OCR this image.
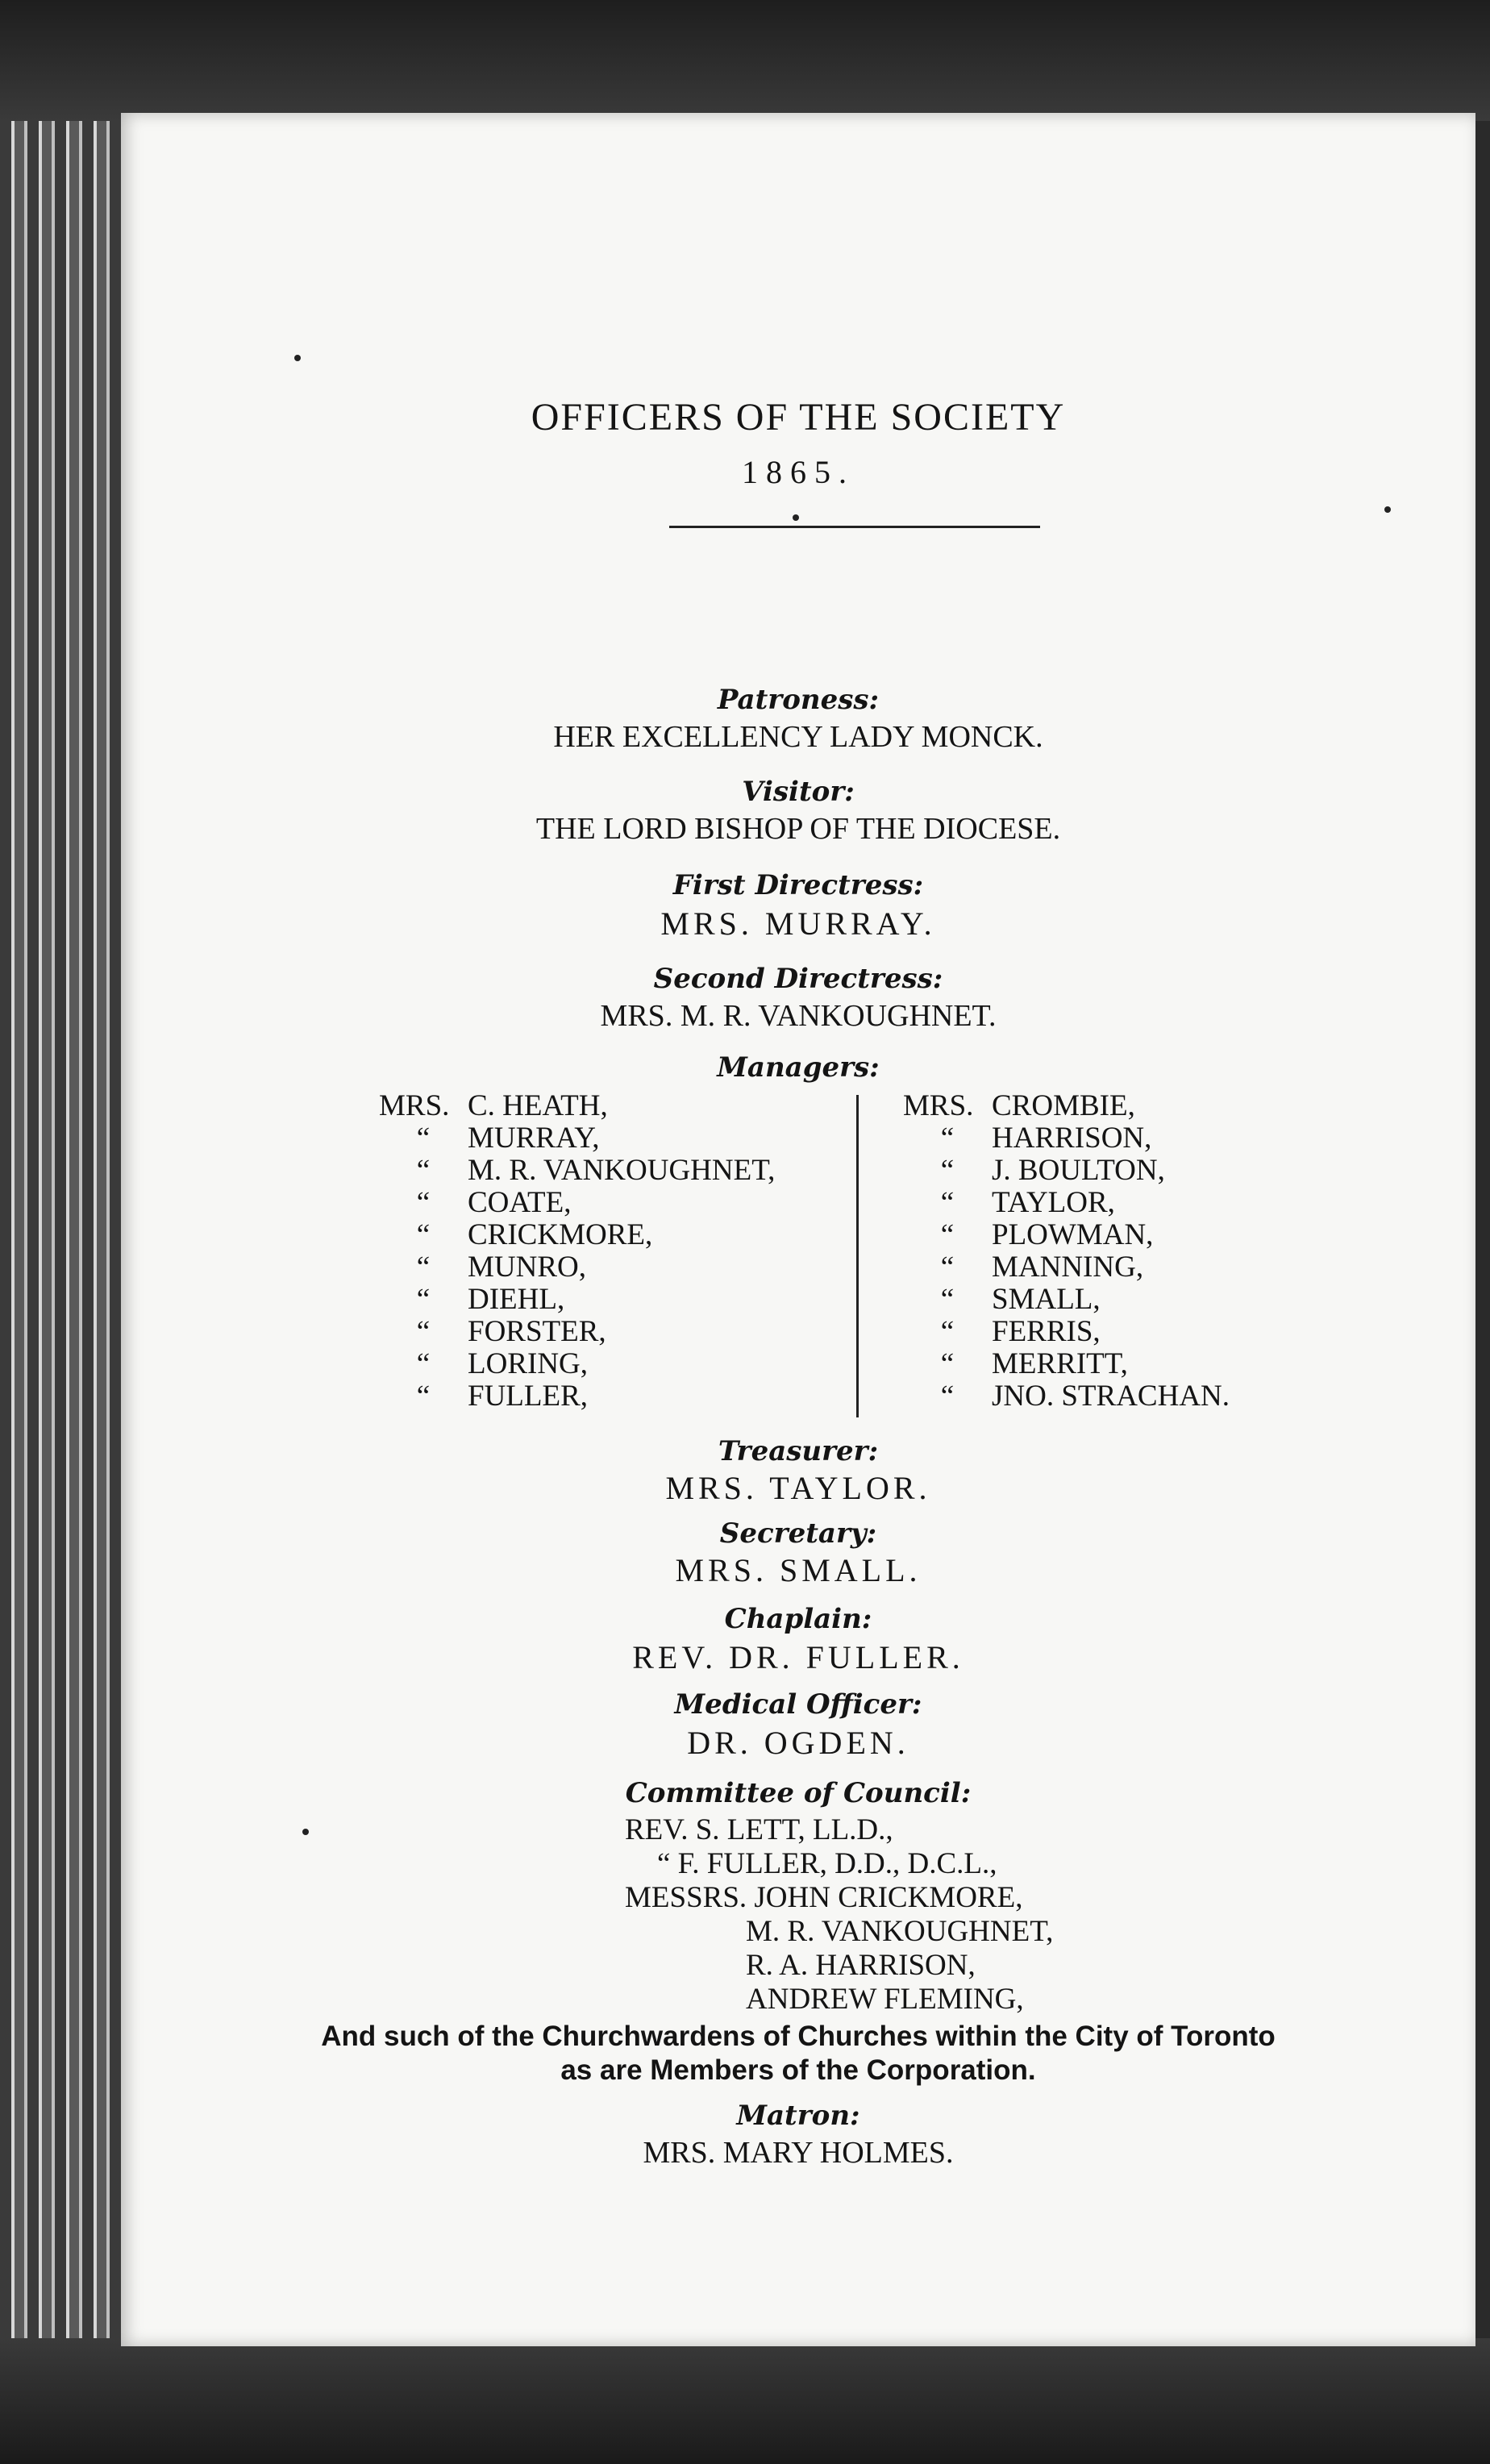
OFFICERS OF THE SOCIETY
1865.
Patroness:
HER EXCELLENCY LADY MONCK.
Visitor:
THE LORD BISHOP OF THE DIOCESE.
First Directress:
MRS. MURRAY.
Second Directress:
MRS. M. R. VANKOUGHNET.
Managers:
MRS. C. HEATH,
“ MURRAY,
“ M. R. VANKOUGHNET,
“ COATE,
“ CRICKMORE,
“ MUNRO,
“ DIEHL,
“ FORSTER,
“ LORING,
“ FULLER,
MRS. CROMBIE,
“ HARRISON,
“ J. BOULTON,
“ TAYLOR,
“ PLOWMAN,
“ MANNING,
“ SMALL,
“ FERRIS,
“ MERRITT,
“ JNO. STRACHAN.
Treasurer:
MRS. TAYLOR.
Secretary:
MRS. SMALL.
Chaplain:
REV. DR. FULLER.
Medical Officer:
DR. OGDEN.
Committee of Council:
REV. S. LETT, LL.D.,
“ F. FULLER, D.D., D.C.L.,
MESSRS. JOHN CRICKMORE,
M. R. VANKOUGHNET,
R. A. HARRISON,
ANDREW FLEMING,
And such of the Churchwardens of Churches within the City of Toronto
as are Members of the Corporation.
Matron:
MRS. MARY HOLMES.
